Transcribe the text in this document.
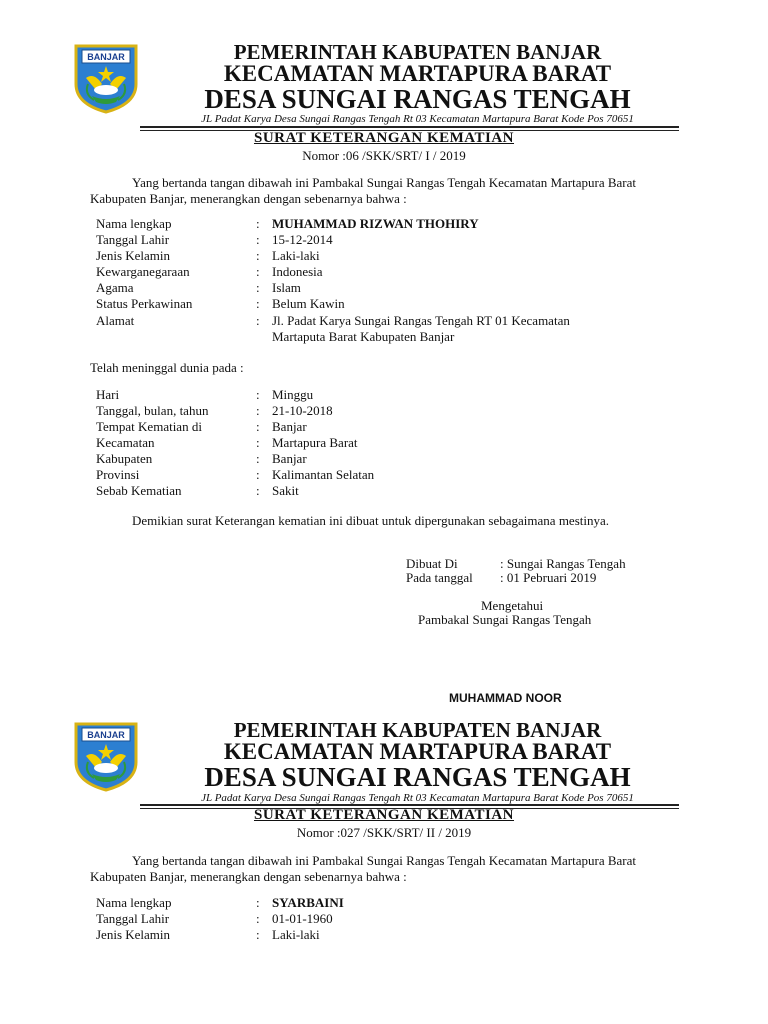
BANJAR	PEMERINTAH KABUPATEN BANJAR
KECAMATAN MARTAPURA BARAT
DESA SUNGAI RANGAS TENGAH
JL Padat Karya Desa Sungai Rangas Tengah Rt 03 Kecamatan Martapura Barat Kode Pos 70651
SURAT KETERANGAN KEMATIAN
Nomor :06 /SKK/SRT/ I / 2019
Yang bertanda tangan dibawah ini Pambakal Sungai Rangas Tengah Kecamatan Martapura Barat Kabupaten Banjar, menerangkan dengan sebenarnya bahwa :
Nama lengkap	: MUHAMMAD RIZWAN THOHIRY
Tanggal Lahir	: 15-12-2014
Jenis Kelamin	: Laki-laki
Kewarganegaraan	: Indonesia
Agama	: Islam
Status Perkawinan	: Belum Kawin
Alamat	: Jl. Padat Karya Sungai Rangas Tengah RT 01 Kecamatan
Martaputa Barat Kabupaten Banjar
Telah meninggal dunia pada :
Hari	: Minggu
Tanggal, bulan, tahun	: 21-10-2018
Tempat Kematian di	: Banjar
Kecamatan	: Martapura Barat
Kabupaten	: Banjar
Provinsi	: Kalimantan Selatan
Sebab Kematian	: Sakit
Demikian surat Keterangan kematian ini dibuat untuk dipergunakan sebagaimana mestinya.
Dibuat Di	: Sungai Rangas Tengah
Pada tanggal : 01 Pebruari 2019
Mengetahui
Pambakal Sungai Rangas Tengah
MUHAMMAD NOOR
BANJAR	PEMERINTAH KABUPATEN BANJAR
KECAMATAN MARTAPURA BARAT
DESA SUNGAI RANGAS TENGAH
JL Padat Karya Desa Sungai Rangas Tengah Rt 03 Kecamatan Martapura Barat Kode Pos 70651
SURAT KETERANGAN KEMATIAN
Nomor :027 /SKK/SRT/ II / 2019
Yang bertanda tangan dibawah ini Pambakal Sungai Rangas Tengah Kecamatan Martapura Barat Kabupaten Banjar, menerangkan dengan sebenarnya bahwa :
Nama lengkap	: SYARBAINI
Tanggal Lahir	: 01-01-1960
Jenis Kelamin	: Laki-laki
